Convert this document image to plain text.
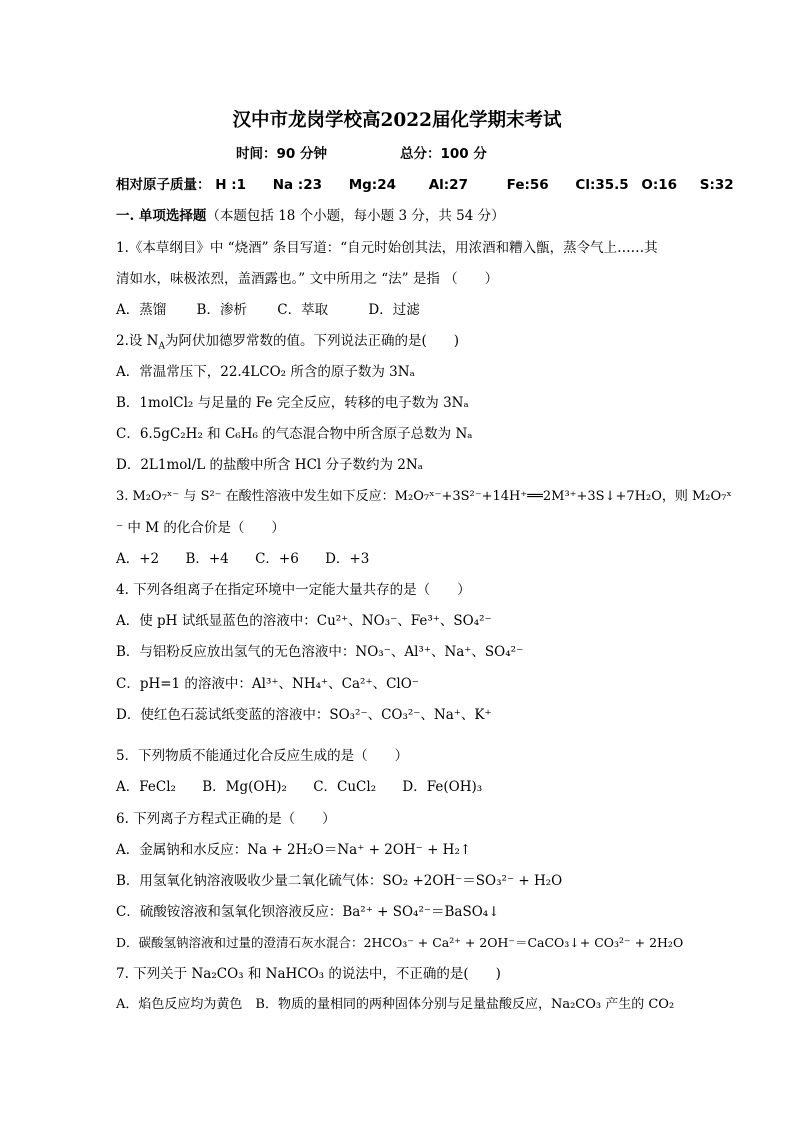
汉中市龙岗学校高2022届化学期末考试
时间：90 分钟	总分：100 分
相对原子质量： H :1 Na :23 Mg:24 Al:27	Fe:56 Cl:35.5 O:16 S:32
一. 单项选择题（本题包括 18 个小题，每小题 3 分，共 54 分）
1.《本草纲目》中 “烧酒” 条目写道：“自元时始创其法，用浓酒和糟入甑，蒸令气上……其
清如水，味极浓烈，盖酒露也。” 文中所用之 “法” 是指 （　　）
A．蒸馏 B．渗析 C．萃取	D．过滤
2.设 $N_A$为阿伏加德罗常数的值。下列说法正确的是(　　)
A．常温常压下，22.4LCO₂ 所含的原子数为 3Nₐ
B．1molCl₂ 与足量的 Fe 完全反应，转移的电子数为 3Nₐ
C．6.5gC₂H₂ 和 C₆H₆ 的气态混合物中所含原子总数为 Nₐ
D．2L1mol/L 的盐酸中所含 HCl 分子数约为 2Nₐ
3. M₂O₇ˣ⁻ 与 S²⁻ 在酸性溶液中发生如下反应：M₂O₇ˣ⁻+3S²⁻+14H⁺══2M³⁺+3S↓+7H₂O，则 M₂O₇ˣ
⁻ 中 M 的化合价是（　　）
A．+2 B．+4 C．+6 D．+3
4. 下列各组离子在指定环境中一定能大量共存的是（　　）
A．使 pH 试纸显蓝色的溶液中：Cu²⁺、NO₃⁻、Fe³⁺、SO₄²⁻
B．与铝粉反应放出氢气的无色溶液中：NO₃⁻、Al³⁺、Na⁺、SO₄²⁻
C．pH=1 的溶液中：Al³⁺、NH₄⁺、Ca²⁺、ClO⁻
D．使红色石蕊试纸变蓝的溶液中：SO₃²⁻、CO₃²⁻、Na⁺、K⁺
5．下列物质不能通过化合反应生成的是（　　）
A．FeCl₂ B．Mg(OH)₂ C．CuCl₂ D．Fe(OH)₃
6. 下列离子方程式正确的是（　　）
A．金属钠和水反应：Na + 2H₂O＝Na⁺ + 2OH⁻ + H₂↑
B．用氢氧化钠溶液吸收少量二氧化硫气体：SO₂ +2OH⁻＝SO₃²⁻ + H₂O
C．硫酸铵溶液和氢氧化钡溶液反应：Ba²⁺ + SO₄²⁻＝BaSO₄↓
D．碳酸氢钠溶液和过量的澄清石灰水混合：2HCO₃⁻ + Ca²⁺ + 2OH⁻＝CaCO₃↓+ CO₃²⁻ + 2H₂O
7. 下列关于 Na₂CO₃ 和 NaHCO₃ 的说法中，不正确的是(　　)
A．焰色反应均为黄色　B．物质的量相同的两种固体分别与足量盐酸反应，Na₂CO₃ 产生的 CO₂
